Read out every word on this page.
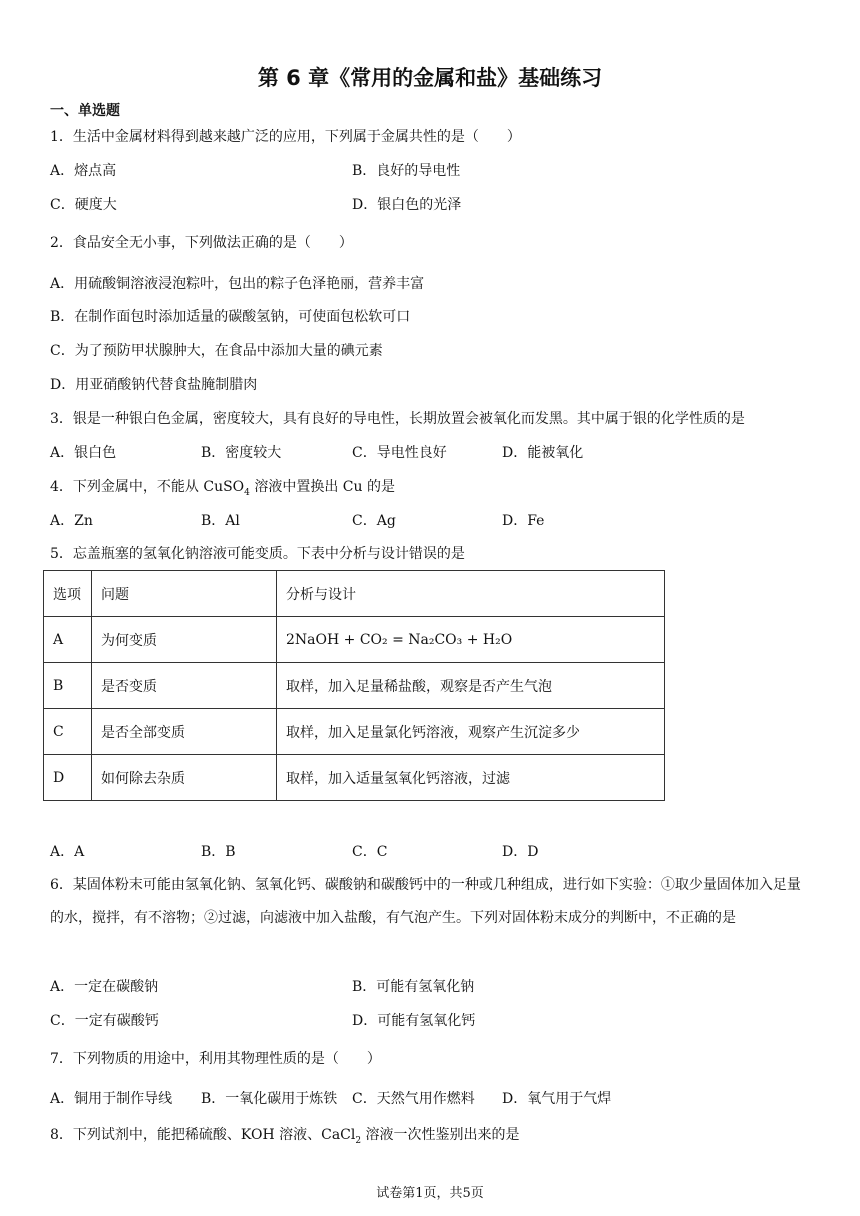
第 6 章《常用的金属和盐》基础练习
一、单选题
1．生活中金属材料得到越来越广泛的应用，下列属于金属共性的是（　　）
A．熔点高	B．良好的导电性
C．硬度大	D．银白色的光泽
2．食品安全无小事，下列做法正确的是（　　）
A．用硫酸铜溶液浸泡粽叶，包出的粽子色泽艳丽，营养丰富
B．在制作面包时添加适量的碳酸氢钠，可使面包松软可口
C．为了预防甲状腺肿大，在食品中添加大量的碘元素
D．用亚硝酸钠代替食盐腌制腊肉
3．银是一种银白色金属，密度较大，具有良好的导电性，长期放置会被氧化而发黑。其中属于银的化学性质的是
A．银白色	B．密度较大	C．导电性良好	D．能被氧化
4．下列金属中，不能从 CuSO$_4$ 溶液中置换出 Cu 的是
A．Zn	B．Al	C．Ag	D．Fe
5．忘盖瓶塞的氢氧化钠溶液可能变质。下表中分析与设计错误的是
选项	问题	分析与设计
A	为何变质	2NaOH + CO₂ = Na₂CO₃ + H₂O
B	是否变质	取样，加入足量稀盐酸，观察是否产生气泡
C	是否全部变质	取样，加入足量氯化钙溶液，观察产生沉淀多少
D	如何除去杂质	取样，加入适量氢氧化钙溶液，过滤
A．A	B．B	C．C	D．D
6．某固体粉末可能由氢氧化钠、氢氧化钙、碳酸钠和碳酸钙中的一种或几种组成，进行如下实验：①取少量固体加入足量的水，搅拌，有不溶物；②过滤，向滤液中加入盐酸，有气泡产生。下列对固体粉末成分的判断中，不正确的是
A．一定在碳酸钠	B．可能有氢氧化钠
C．一定有碳酸钙	D．可能有氢氧化钙
7．下列物质的用途中，利用其物理性质的是（　　）
A．铜用于制作导线 B．一氧化碳用于炼铁 C．天然气用作燃料 D．氧气用于气焊
8．下列试剂中，能把稀硫酸、KOH 溶液、CaCl$_2$ 溶液一次性鉴别出来的是
试卷第1页，共5页
